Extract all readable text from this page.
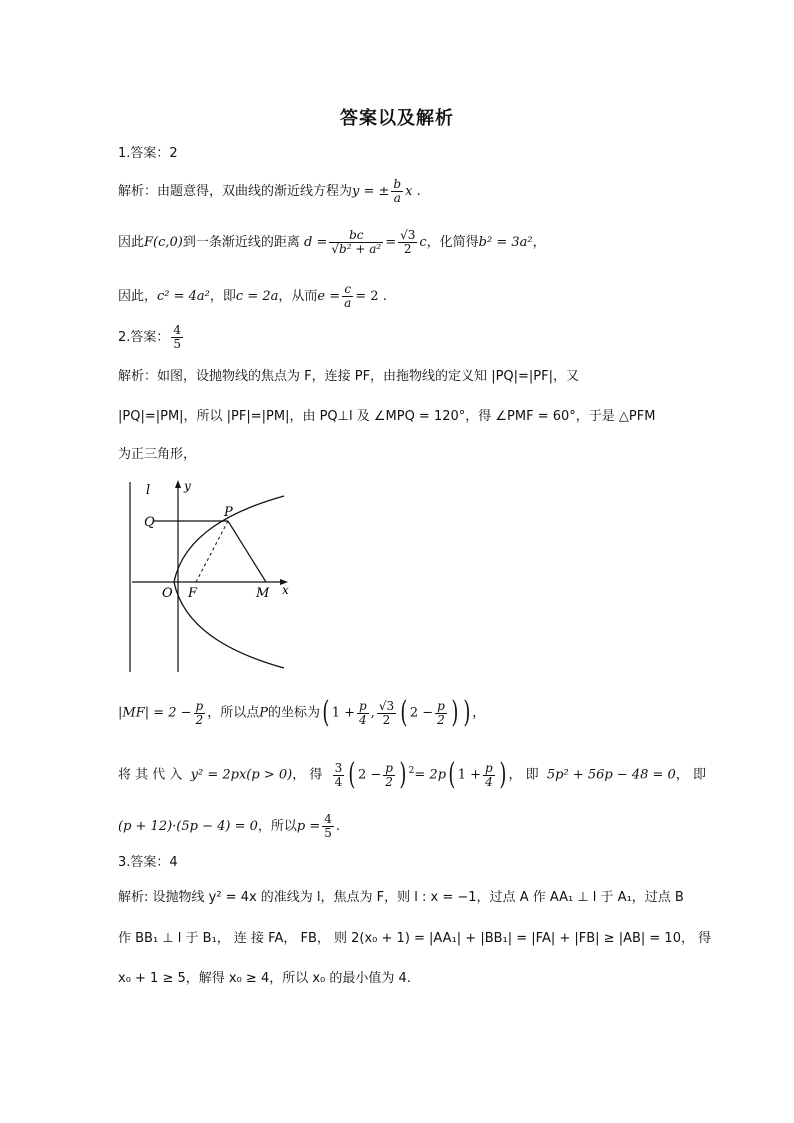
答案以及解析
1.答案：2
解析：由题意得，双曲线的渐近线方程为y = ± $\frac{b}{a}$ x .
因此F(c,0)到一条渐近线的距离 $d = \frac{bc}{\text{√b² + a²}} = \frac{√3}{2}$ c，化简得b² = 3a²，
因此，c² = 4a²，即c = 2a，从而$e = \frac{c}{a} = 2$ .
2.答案： $\frac{4}{5}$
解析：如图，设抛物线的焦点为 F，连接 PF，由拖物线的定义知 |PQ|=|PF|，又
|PQ|=|PM|，所以 |PF|=|PM|，由 PQ⊥l 及 ∠MPQ = 120°，得 ∠PMF = 60°，于是 △PFM
为正三角形，
l	y
Q
P
O F	M x
$|MF| = 2 - \frac{p}{2}$ ，所以点P的坐标为( $1 + \frac{p}{4}$ , $\frac{√3}{2}$ ( $2 - \frac{p}{2}$ ) ) ，
将 其 代 入 y² = 2px(p > 0)， 得 $\frac{3}{4}$ ( $2 - \frac{p}{2}$ ) $^2$= 2p( $1 + \frac{p}{4}$ ) ， 即 5p² + 56p − 48 = 0， 即
(p + 12)·(5p − 4) = 0，所以$p = \frac{4}{5}$ .
3.答案：4
解析: 设抛物线 y² = 4x 的准线为 l，焦点为 F，则 l : x = −1，过点 A 作 AA₁ ⊥ l 于 A₁，过点 B
作 BB₁ ⊥ l 于 B₁， 连 接 FA， FB， 则 2(x₀ + 1) = |AA₁| + |BB₁| = |FA| + |FB| ≥ |AB| = 10， 得
x₀ + 1 ≥ 5，解得 x₀ ≥ 4，所以 x₀ 的最小值为 4.
